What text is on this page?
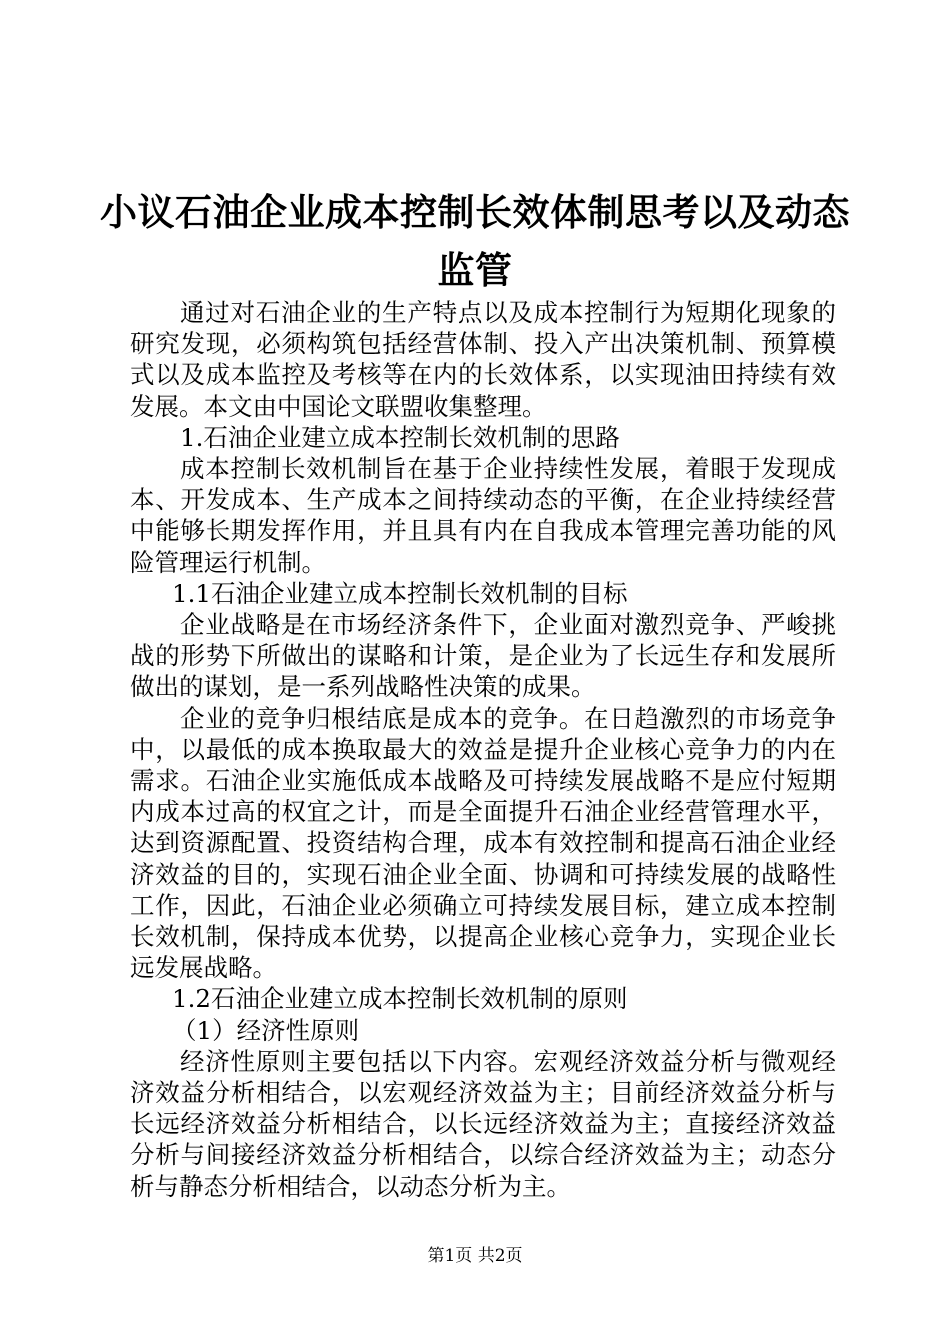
小议石油企业成本控制长效体制思考以及动态监管

通过对石油企业的生产特点以及成本控制行为短期化现象的研究发现，必须构筑包括经营体制、投入产出决策机制、预算模式以及成本监控及考核等在内的长效体系，以实现油田持续有效发展。本文由中国论文联盟收集整理。

1.石油企业建立成本控制长效机制的思路

成本控制长效机制旨在基于企业持续性发展，着眼于发现成本、开发成本、生产成本之间持续动态的平衡，在企业持续经营中能够长期发挥作用，并且具有内在自我成本管理完善功能的风险管理运行机制。

1.1石油企业建立成本控制长效机制的目标

企业战略是在市场经济条件下，企业面对激烈竞争、严峻挑战的形势下所做出的谋略和计策，是企业为了长远生存和发展所做出的谋划，是一系列战略性决策的成果。

企业的竞争归根结底是成本的竞争。在日趋激烈的市场竞争中，以最低的成本换取最大的效益是提升企业核心竞争力的内在需求。石油企业实施低成本战略及可持续发展战略不是应付短期内成本过高的权宜之计，而是全面提升石油企业经营管理水平，达到资源配置、投资结构合理，成本有效控制和提高石油企业经济效益的目的，实现石油企业全面、协调和可持续发展的战略性工作，因此，石油企业必须确立可持续发展目标，建立成本控制长效机制，保持成本优势，以提高企业核心竞争力，实现企业长远发展战略。

1.2石油企业建立成本控制长效机制的原则

（1）经济性原则

经济性原则主要包括以下内容。宏观经济效益分析与微观经济效益分析相结合，以宏观经济效益为主；目前经济效益分析与长远经济效益分析相结合，以长远经济效益为主；直接经济效益分析与间接经济效益分析相结合，以综合经济效益为主；动态分析与静态分析相结合，以动态分析为主。

第1页 共2页
